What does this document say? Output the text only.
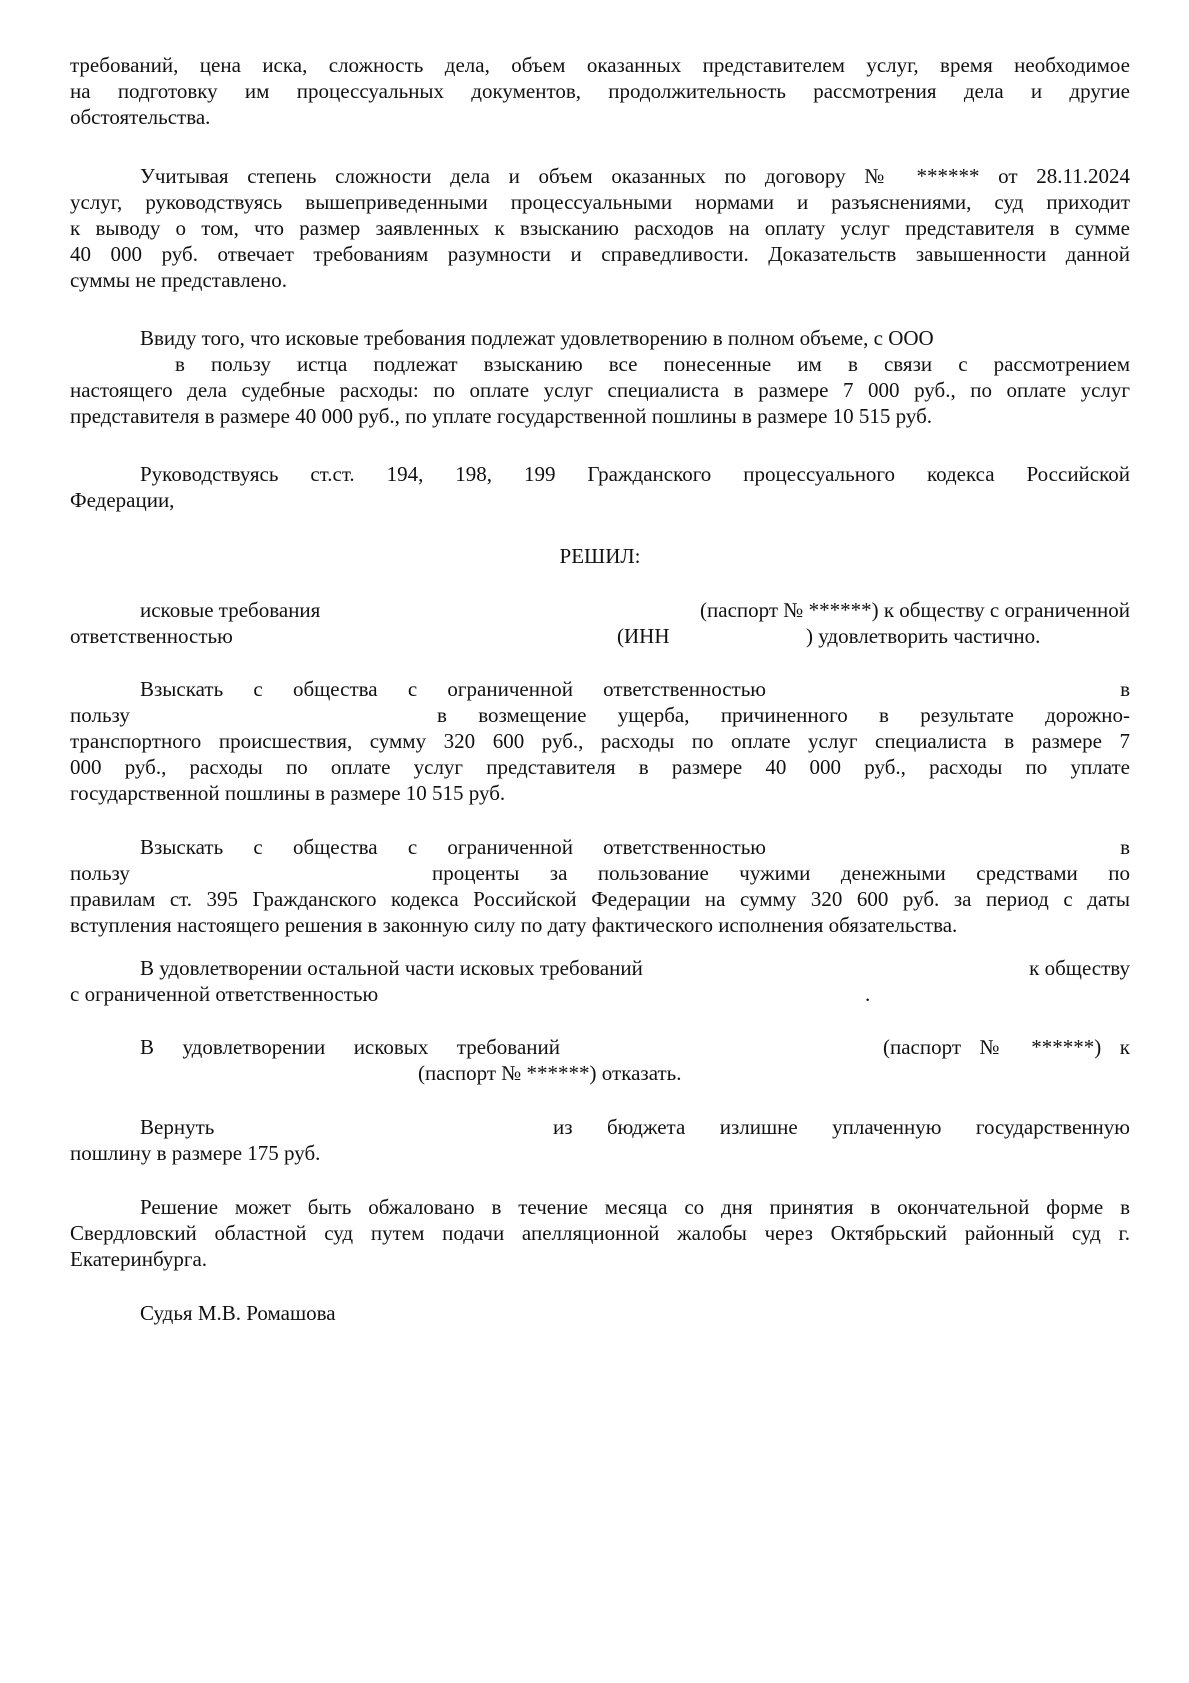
требований, цена иска, сложность дела, объем оказанных представителем услуг, время необходимое
на подготовку им процессуальных документов, продолжительность рассмотрения дела и другие
обстоятельства.
Учитывая степень сложности дела и объем оказанных по договору № ****** от 28.11.2024
услуг, руководствуясь вышеприведенными процессуальными нормами и разъяснениями, суд приходит
к выводу о том, что размер заявленных к взысканию расходов на оплату услуг представителя в сумме
40 000 руб. отвечает требованиям разумности и справедливости. Доказательств завышенности данной
суммы не представлено.
Ввиду того, что исковые требования подлежат удовлетворению в полном объеме, с ООО
в пользу истца подлежат взысканию все понесенные им в связи с рассмотрением
настоящего дела судебные расходы: по оплате услуг специалиста в размере 7 000 руб., по оплате услуг
представителя в размере 40 000 руб., по уплате государственной пошлины в размере 10 515 руб.
Руководствуясь ст.ст. 194, 198, 199 Гражданского процессуального кодекса Российской
Федерации,
РЕШИЛ:
исковые требования	(паспорт № ******) к обществу с ограниченной
ответственностью	(ИНН	) удовлетворить частично.
Взыскать с общества с ограниченной ответственностью	в
пользу	в возмещение ущерба, причиненного в результате дорожно-
транспортного происшествия, сумму 320 600 руб., расходы по оплате услуг специалиста в размере 7
000 руб., расходы по оплате услуг представителя в размере 40 000 руб., расходы по уплате
государственной пошлины в размере 10 515 руб.
Взыскать с общества с ограниченной ответственностью	в
пользу	проценты за пользование чужими денежными средствами по
правилам ст. 395 Гражданского кодекса Российской Федерации на сумму 320 600 руб. за период с даты
вступления настоящего решения в законную силу по дату фактического исполнения обязательства.
В удовлетворении остальной части исковых требований	к обществу
с ограниченной ответственностью	.
В удовлетворении исковых требований	(паспорт № ******) к
(паспорт № ******) отказать.
Вернуть	из бюджета излишне уплаченную государственную
пошлину в размере 175 руб.
Решение может быть обжаловано в течение месяца со дня принятия в окончательной форме в
Свердловский областной суд путем подачи апелляционной жалобы через Октябрьский районный суд г.
Екатеринбурга.
Судья М.В. Ромашова
